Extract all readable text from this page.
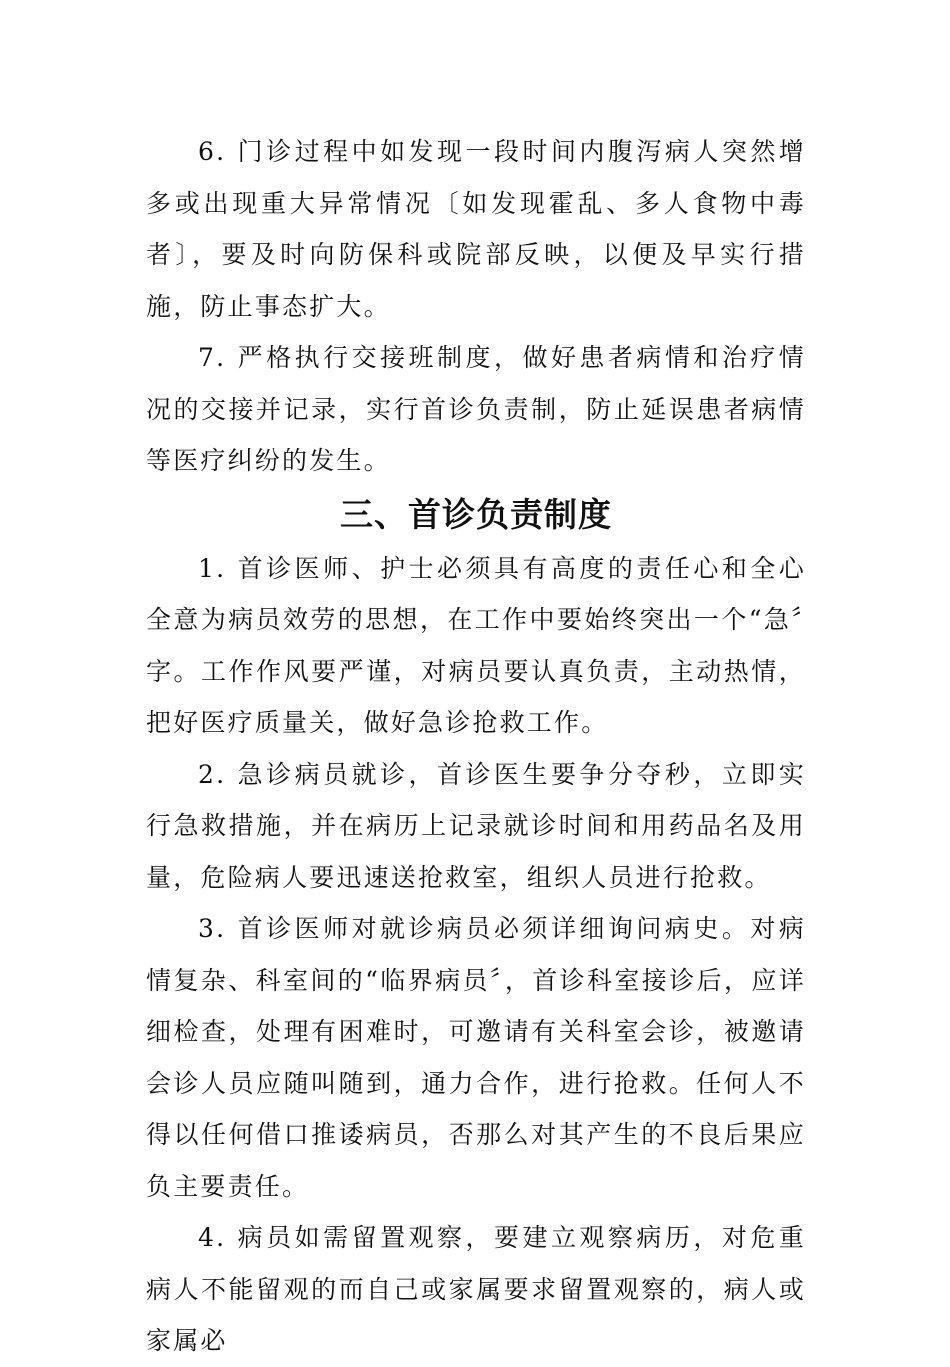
6. 门诊过程中如发现一段时间内腹泻病人突然增多或出现重大异常情况〔如发现霍乱、多人食物中毒者〕，要及时向防保科或院部反映，以便及早实行措施，防止事态扩大。

7. 严格执行交接班制度，做好患者病情和治疗情况的交接并记录，实行首诊负责制，防止延误患者病情等医疗纠纷的发生。

三、首诊负责制度

1. 首诊医师、护士必须具有高度的责任心和全心全意为病员效劳的思想，在工作中要始终突出一个“急〞字。工作作风要严谨，对病员要认真负责，主动热情，把好医疗质量关，做好急诊抢救工作。

2. 急诊病员就诊，首诊医生要争分夺秒，立即实行急救措施，并在病历上记录就诊时间和用药品名及用量，危险病人要迅速送抢救室，组织人员进行抢救。

3. 首诊医师对就诊病员必须详细询问病史。对病情复杂、科室间的“临界病员〞，首诊科室接诊后，应详细检查，处理有困难时，可邀请有关科室会诊，被邀请会诊人员应随叫随到，通力合作，进行抢救。任何人不得以任何借口推诿病员，否那么对其产生的不良后果应负主要责任。

4. 病员如需留置观察，要建立观察病历，对危重病人不能留观的而自己或家属要求留置观察的，病人或家属必
